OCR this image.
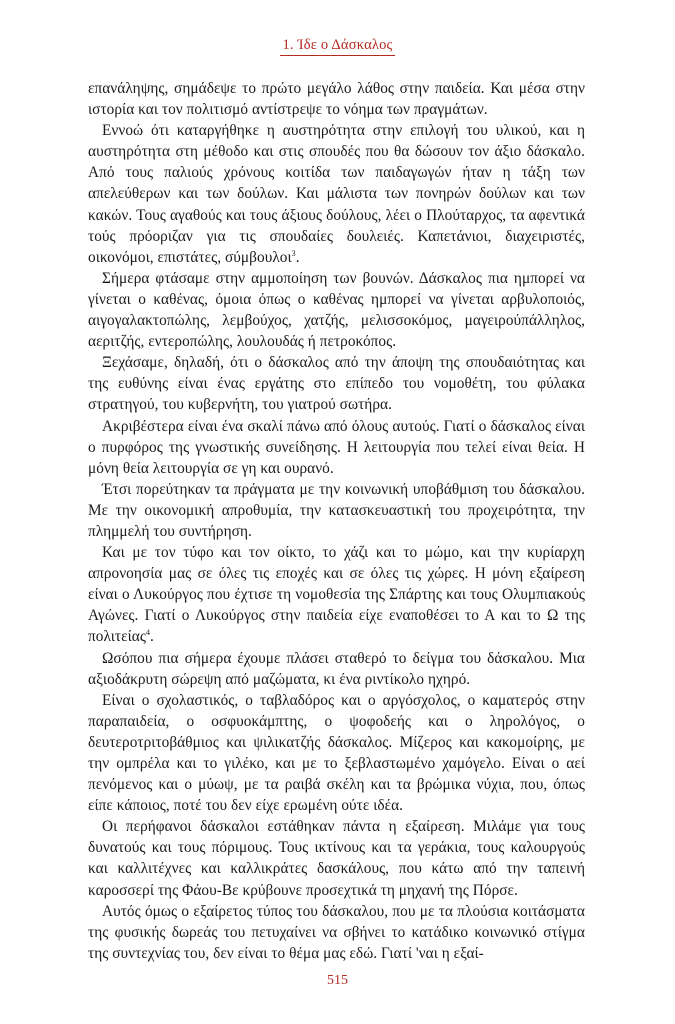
1. Ίδε ο Δάσκαλος

επανάληψης, σημάδεψε το πρώτο μεγάλο λάθος στην παιδεία. Και μέσα στην ιστορία και τον πολιτισμό αντίστρεψε το νόημα των πραγμάτων.

Εννοώ ότι καταργήθηκε η αυστηρότητα στην επιλογή του υλικού, και η αυστηρότητα στη μέθοδο και στις σπουδές που θα δώσουν τον άξιο δάσκαλο. Από τους παλιούς χρόνους κοιτίδα των παιδαγωγών ήταν η τάξη των απελεύθερων και των δούλων. Και μάλιστα των πονηρών δούλων και των κακών. Τους αγαθούς και τους άξιους δούλους, λέει ο Πλούταρχος, τα αφεντικά τούς πρόοριζαν για τις σπουδαίες δουλειές. Καπετάνιοι, διαχειριστές, οικονόμοι, επιστάτες, σύμβουλοι$^3$.

Σήμερα φτάσαμε στην αμμοποίηση των βουνών. Δάσκαλος πια ημπορεί να γίνεται ο καθένας, όμοια όπως ο καθένας ημπορεί να γίνεται αρβυλοποιός, αιγογαλακτοπώλης, λεμβούχος, χατζής, μελισσοκόμος, μαγειρούπάλληλος, αεριτζής, εντεροπώλης, λουλουδάς ή πετροκόπος.

Ξεχάσαμε, δηλαδή, ότι ο δάσκαλος από την άποψη της σπουδαιότητας και της ευθύνης είναι ένας εργάτης στο επίπεδο του νομοθέτη, του φύλακα στρατηγού, του κυβερνήτη, του γιατρού σωτήρα.

Ακριβέστερα είναι ένα σκαλί πάνω από όλους αυτούς. Γιατί ο δάσκαλος είναι ο πυρφόρος της γνωστικής συνείδησης. Η λειτουργία που τελεί είναι θεία. Η μόνη θεία λειτουργία σε γη και ουρανό.

Έτσι πορεύτηκαν τα πράγματα με την κοινωνική υποβάθμιση του δάσκαλου. Με την οικονομική απροθυμία, την κατασκευαστική του προχειρότητα, την πλημμελή του συντήρηση.

Και με τον τύφο και τον οίκτο, το χάζι και το μώμο, και την κυρίαρχη απρονοησία μας σε όλες τις εποχές και σε όλες τις χώρες. Η μόνη εξαίρεση είναι ο Λυκούργος που έχτισε τη νομοθεσία της Σπάρτης και τους Ολυμπιακούς Αγώνες. Γιατί ο Λυκούργος στην παιδεία είχε εναποθέσει το Α και το Ω της πολιτείας$^4$.

Ωσόπου πια σήμερα έχουμε πλάσει σταθερό το δείγμα του δάσκαλου. Μια αξιοδάκρυτη σώρεψη από μαζώματα, κι ένα ριντίκολο ηχηρό.

Είναι ο σχολαστικός, ο ταβλαδόρος και ο αργόσχολος, ο καματερός στην παραπαιδεία, ο οσφυοκάμπτης, ο ψοφοδεής και ο ληρολόγος, ο δευτεροτριτοβάθμιος και ψιλικατζής δάσκαλος. Μίζερος και κακομοίρης, με την ομπρέλα και το γιλέκο, και με το ξεβλαστωμένο χαμόγελο. Είναι ο αεί πενόμενος και ο μύωψ, με τα ραιβά σκέλη και τα βρώμικα νύχια, που, όπως είπε κάποιος, ποτέ του δεν είχε ερωμένη ούτε ιδέα.

Οι περήφανοι δάσκαλοι εστάθηκαν πάντα η εξαίρεση. Μιλάμε για τους δυνατούς και τους πόριμους. Τους ικτίνους και τα γεράκια, τους καλουργούς και καλλιτέχνες και καλλικράτες δασκάλους, που κάτω από την ταπεινή καροσσερί της Φάου-Βε κρύβουνε προσεχτικά τη μηχανή της Πόρσε.

Αυτός όμως ο εξαίρετος τύπος του δάσκαλου, που με τα πλούσια κοιτάσματα της φυσικής δωρεάς του πετυχαίνει να σβήνει το κατάδικο κοινωνικό στίγμα της συντεχνίας του, δεν είναι το θέμα μας εδώ. Γιατί 'ναι η εξαί-

515
